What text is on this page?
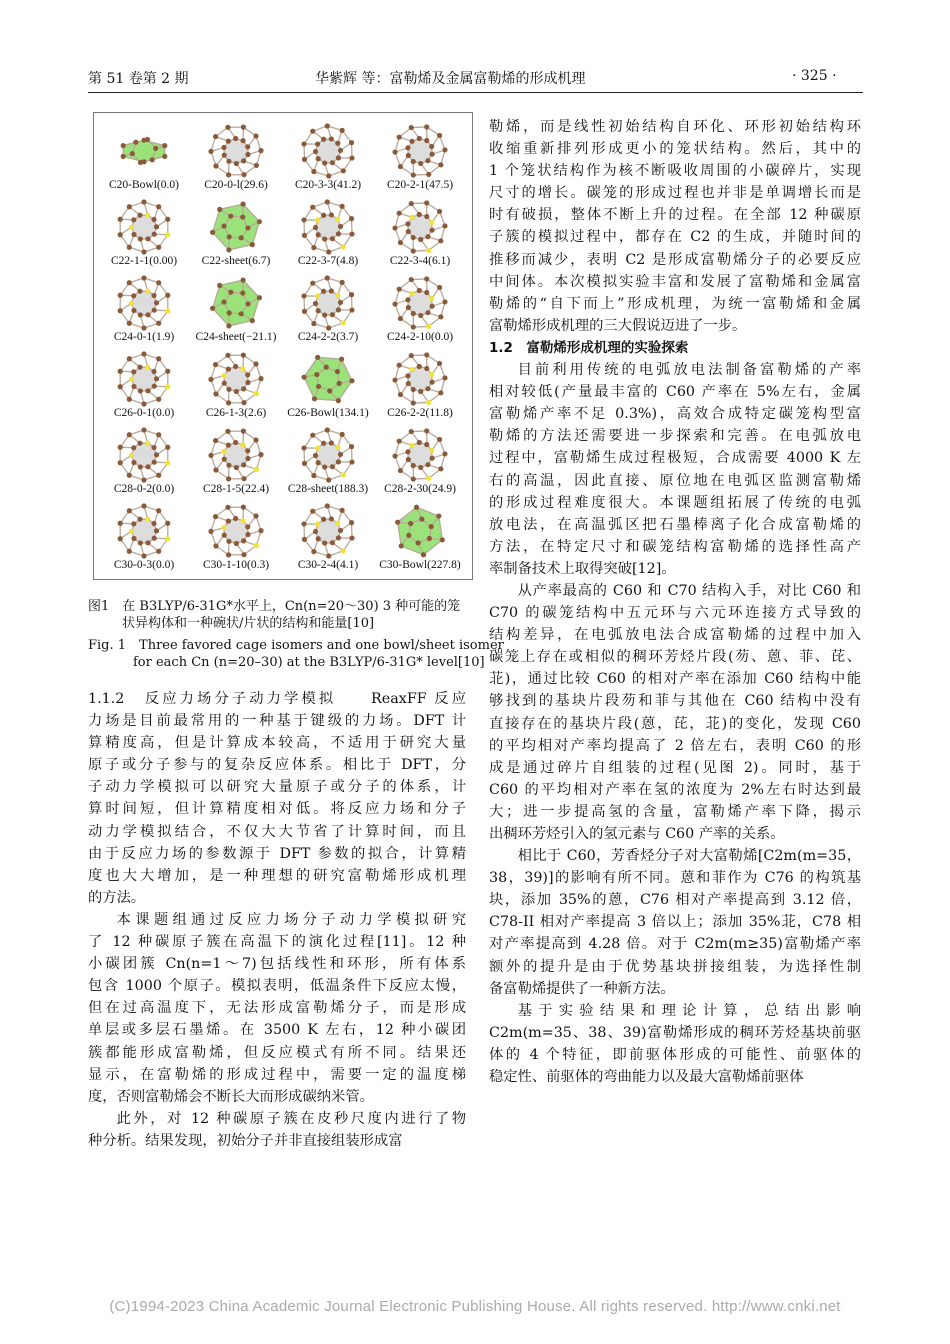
第 51 卷第 2 期	华紫辉 等：富勒烯及金属富勒烯的形成机理	· 325 ·
C20-Bowl(0.0)	C20-0-l(29.6)	C20-3-3(41.2)	C20-2-1(47.5)
C22-1-1(0.00)	C22-sheet(6.7)	C22-3-7(4.8)	C22-3-4(6.1)
C24-0-1(1.9)	C24-sheet(−21.1)	C24-2-2(3.7)	C24-2-10(0.0)
C26-0-1(0.0)	C26-1-3(2.6)	C26-Bowl(134.1)	C26-2-2(11.8)
C28-0-2(0.0)	C28-1-5(22.4)	C28-sheet(188.3)	C28-2-30(24.9)
C30-0-3(0.0)	C30-1-10(0.3)	C30-2-4(4.1)	C30-Bowl(227.8)
图1　在 B3LYP/6-31G*水平上，Cn(n=20～30) 3 种可能的笼
状异构体和一种碗状/片状的结构和能量[10]
Fig. 1　Three favored cage isomers and one bowl/sheet isomer
for each Cn (n=20–30) at the B3LYP/6-31G* level[10]

1.1.2　反应力场分子动力学模拟　　ReaxFF 反应

力场是目前最常用的一种基于键级的力场。DFT 计

算精度高，但是计算成本较高，不适用于研究大量

原子或分子参与的复杂反应体系。相比于 DFT，分

子动力学模拟可以研究大量原子或分子的体系，计

算时间短，但计算精度相对低。将反应力场和分子

动力学模拟结合，不仅大大节省了计算时间，而且

由于反应力场的参数源于 DFT 参数的拟合，计算精

度也大大增加，是一种理想的研究富勒烯形成机理

的方法。

本课题组通过反应力场分子动力学模拟研究

了 12 种碳原子簇在高温下的演化过程[11]。12 种

小碳团簇 Cn(n=1～7)包括线性和环形，所有体系

包含 1000 个原子。模拟表明，低温条件下反应太慢，

但在过高温度下，无法形成富勒烯分子，而是形成

单层或多层石墨烯。在 3500 K 左右，12 种小碳团

簇都能形成富勒烯，但反应模式有所不同。结果还

显示，在富勒烯的形成过程中，需要一定的温度梯

度，否则富勒烯会不断长大而形成碳纳米管。

此外，对 12 种碳原子簇在皮秒尺度内进行了物

种分析。结果发现，初始分子并非直接组装形成富

勒烯，而是线性初始结构自环化、环形初始结构环

收缩重新排列形成更小的笼状结构。然后，其中的

1 个笼状结构作为核不断吸收周围的小碳碎片，实现

尺寸的增长。碳笼的形成过程也并非是单调增长而是

时有破损，整体不断上升的过程。在全部 12 种碳原

子簇的模拟过程中，都存在 C2 的生成，并随时间的

推移而减少，表明 C2 是形成富勒烯分子的必要反应

中间体。本次模拟实验丰富和发展了富勒烯和金属富

勒烯的“自下而上”形成机理，为统一富勒烯和金属

富勒烯形成机理的三大假说迈进了一步。

1.2　富勒烯形成机理的实验探索

目前利用传统的电弧放电法制备富勒烯的产率

相对较低(产量最丰富的 C60 产率在 5%左右，金属

富勒烯产率不足 0.3%)，高效合成特定碳笼构型富

勒烯的方法还需要进一步探索和完善。在电弧放电

过程中，富勒烯生成过程极短，合成需要 4000 K 左

右的高温，因此直接、原位地在电弧区监测富勒烯

的形成过程难度很大。本课题组拓展了传统的电弧

放电法，在高温弧区把石墨棒离子化合成富勒烯的

方法，在特定尺寸和碳笼结构富勒烯的选择性高产

率制备技术上取得突破[12]。

从产率最高的 C60 和 C70 结构入手，对比 C60 和

C70 的碳笼结构中五元环与六元环连接方式导致的

结构差异，在电弧放电法合成富勒烯的过程中加入

碳笼上存在或相似的稠环芳烃片段(芴、蒽、菲、芘、

苝)，通过比较 C60 的相对产率在添加 C60 结构中能

够找到的基块片段芴和菲与其他在 C60 结构中没有

直接存在的基块片段(蒽，芘，苝)的变化，发现 C60

的平均相对产率均提高了 2 倍左右，表明 C60 的形

成是通过碎片自组装的过程(见图 2)。同时，基于

C60 的平均相对产率在氢的浓度为 2%左右时达到最

大；进一步提高氢的含量，富勒烯产率下降，揭示

出稠环芳烃引入的氢元素与 C60 产率的关系。

相比于 C60，芳香烃分子对大富勒烯[C2m(m=35，

38，39)]的影响有所不同。蒽和菲作为 C76 的构筑基

块，添加 35%的蒽，C76 相对产率提高到 3.12 倍，

C78-II 相对产率提高 3 倍以上；添加 35%苝，C78 相

对产率提高到 4.28 倍。对于 C2m(m≥35)富勒烯产率

额外的提升是由于优势基块拼接组装，为选择性制

备富勒烯提供了一种新方法。

基于实验结果和理论计算，总结出影响

C2m(m=35、38、39)富勒烯形成的稠环芳烃基块前驱

体的 4 个特征，即前驱体形成的可能性、前驱体的

稳定性、前驱体的弯曲能力以及最大富勒烯前驱体

(C)1994-2023 China Academic Journal Electronic Publishing House. All rights reserved. http://www.cnki.net
